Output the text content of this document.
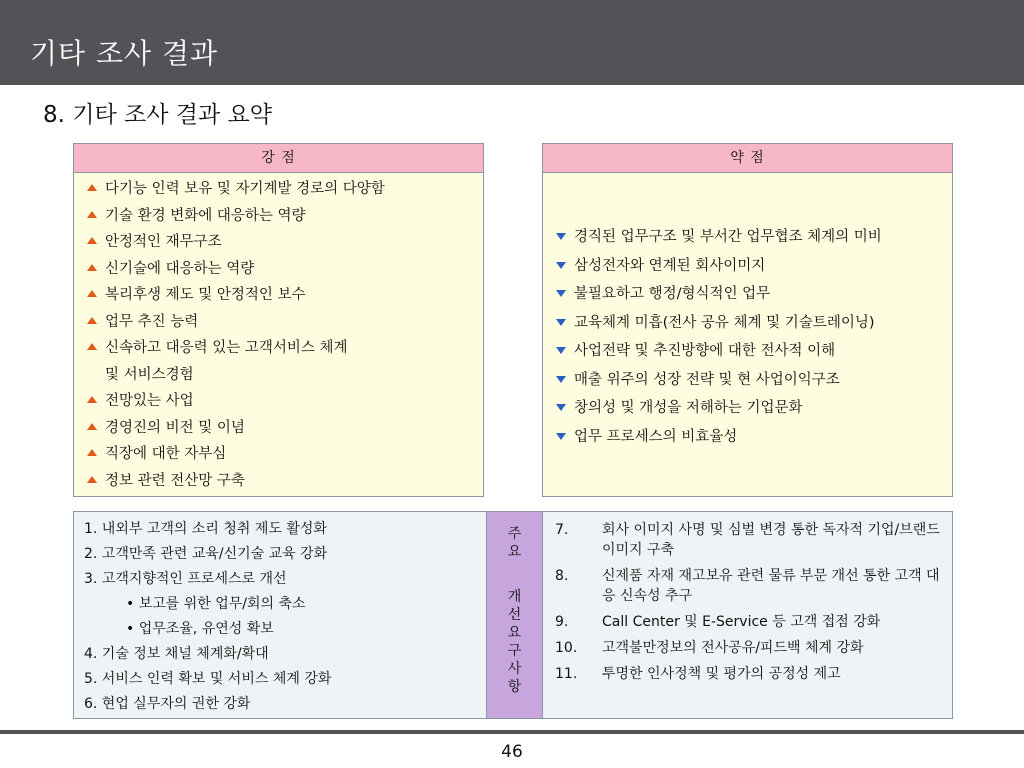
기타 조사 결과
8. 기타 조사 결과 요약
강 점
다기능 인력 보유 및 자기계발 경로의 다양함
기술 환경 변화에 대응하는 역량
안정적인 재무구조
신기술에 대응하는 역량
복리후생 제도 및 안정적인 보수
업무 추진 능력
신속하고 대응력 있는 고객서비스 체계
및 서비스경험
전망있는 사업
경영진의 비전 및 이념
직장에 대한 자부심
정보 관련 전산망 구축
약 점
경직된 업무구조 및 부서간 업무협조 체계의 미비
삼성전자와 연계된 회사이미지
불필요하고 행정/형식적인 업무
교육체계 미흡(전사 공유 체계 및 기술트레이닝)
사업전략 및 추진방향에 대한 전사적 이해
매출 위주의 성장 전략 및 현 사업이익구조
창의성 및 개성을 저해하는 기업문화
업무 프로세스의 비효율성
1. 내외부 고객의 소리 청취 제도 활성화
2. 고객만족 관련 교육/신기술 교육 강화
3. 고객지향적인 프로세스로 개선
• 보고를 위한 업무/회의 축소
• 업무조율, 유연성 확보
4. 기술 정보 채널 체계화/확대
5. 서비스 인력 확보 및 서비스 체계 강화
6. 현업 실무자의 권한 강화
주
요
개
선
요
구
사
항
7.	회사 이미지 사명 및 심벌 변경 통한 독자적 기업/브랜드 이미지 구축
8.	신제품 자재 재고보유 관련 물류 부문 개선 통한 고객 대응 신속성 추구
9.	Call Center 및 E-Service 등 고객 접점 강화
10.	고객불만정보의 전사공유/피드백 체계 강화
11.	투명한 인사정책 및 평가의 공정성 제고
46
